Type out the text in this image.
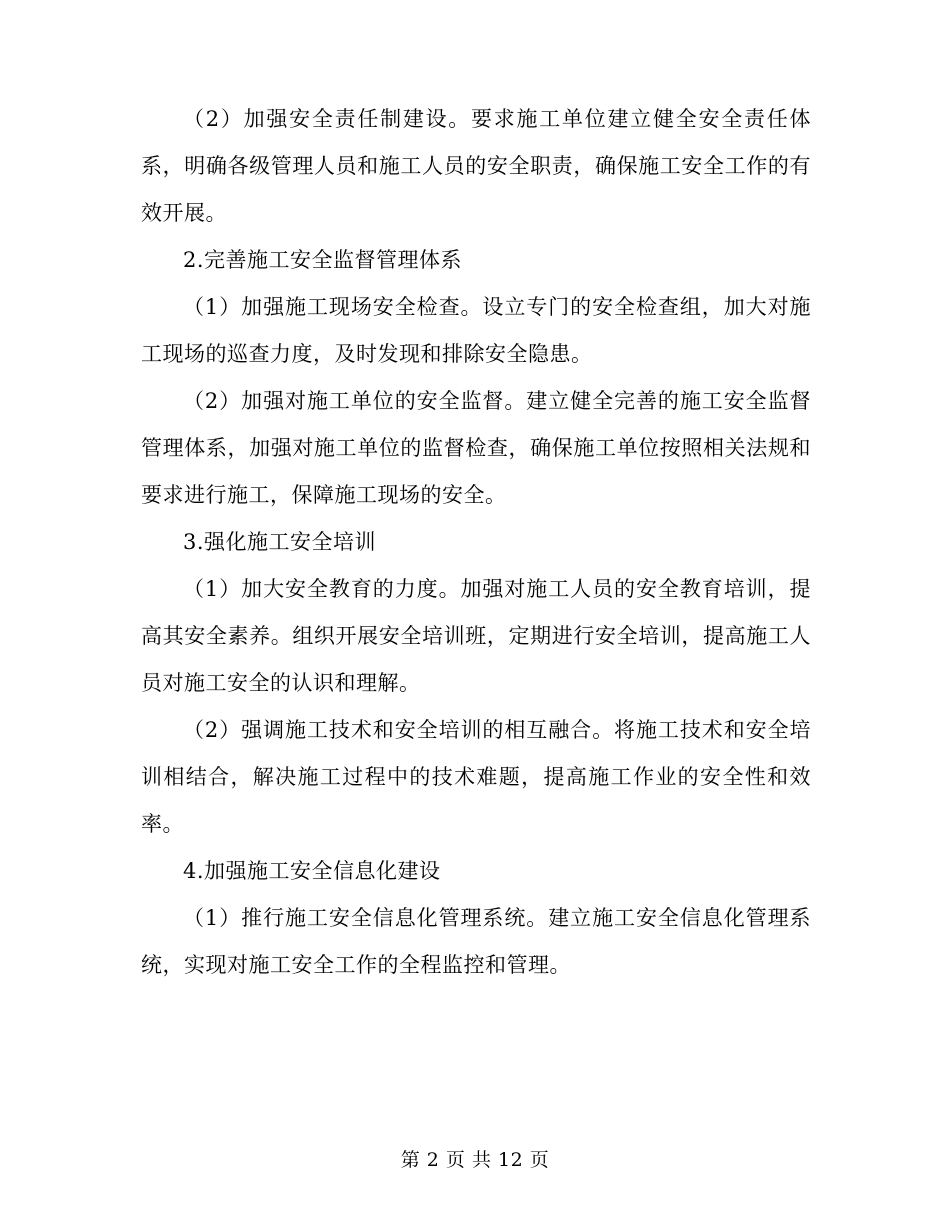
（2）加强安全责任制建设。要求施工单位建立健全安全责任体系，明确各级管理人员和施工人员的安全职责，确保施工安全工作的有效开展。

2.完善施工安全监督管理体系

（1）加强施工现场安全检查。设立专门的安全检查组，加大对施工现场的巡查力度，及时发现和排除安全隐患。

（2）加强对施工单位的安全监督。建立健全完善的施工安全监督管理体系，加强对施工单位的监督检查，确保施工单位按照相关法规和要求进行施工，保障施工现场的安全。

3.强化施工安全培训

（1）加大安全教育的力度。加强对施工人员的安全教育培训，提高其安全素养。组织开展安全培训班，定期进行安全培训，提高施工人员对施工安全的认识和理解。

（2）强调施工技术和安全培训的相互融合。将施工技术和安全培训相结合，解决施工过程中的技术难题，提高施工作业的安全性和效率。

4.加强施工安全信息化建设

（1）推行施工安全信息化管理系统。建立施工安全信息化管理系统，实现对施工安全工作的全程监控和管理。

第 2 页 共 12 页
